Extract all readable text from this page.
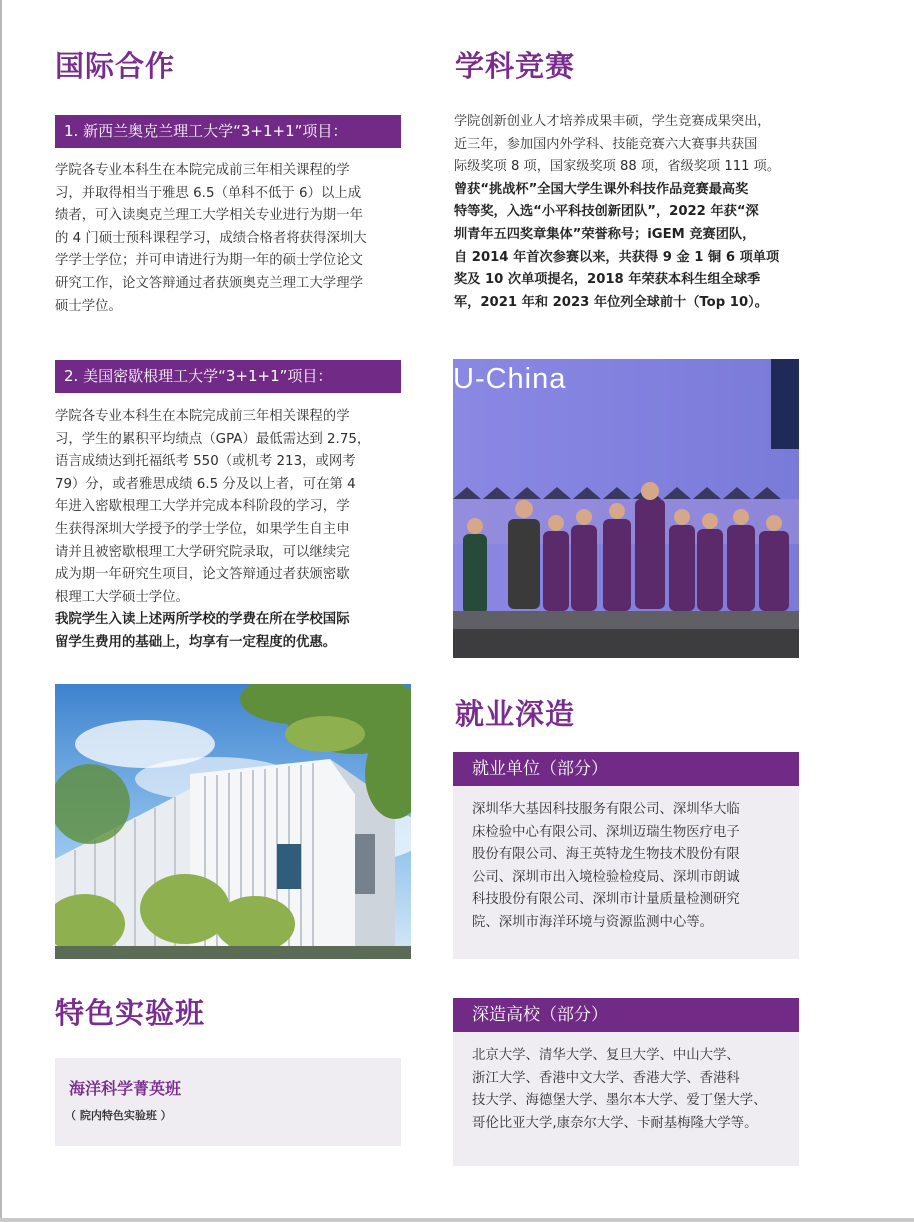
国际合作
1. 新西兰奥克兰理工大学“3+1+1”项目：
学院各专业本科生在本院完成前三年相关课程的学
习，并取得相当于雅思 6.5（单科不低于 6）以上成
绩者，可入读奥克兰理工大学相关专业进行为期一年
的 4 门硕士预科课程学习，成绩合格者将获得深圳大
学学士学位；并可申请进行为期一年的硕士学位论文
研究工作，论文答辩通过者获颁奥克兰理工大学理学
硕士学位。
2. 美国密歇根理工大学“3+1+1”项目：
学院各专业本科生在本院完成前三年相关课程的学
习，学生的累积平均绩点（GPA）最低需达到 2.75，
语言成绩达到托福纸考 550（或机考 213，或网考
79）分，或者雅思成绩 6.5 分及以上者，可在第 4
年进入密歇根理工大学并完成本科阶段的学习，学
生获得深圳大学授予的学士学位，如果学生自主申
请并且被密歇根理工大学研究院录取，可以继续完
成为期一年研究生项目，论文答辩通过者获颁密歇
根理工大学硕士学位。
我院学生入读上述两所学校的学费在所在学校国际
留学生费用的基础上，均享有一定程度的优惠。
特色实验班
海洋科学菁英班
（ 院内特色实验班 ）
学科竞赛
学院创新创业人才培养成果丰硕，学生竞赛成果突出，
近三年，参加国内外学科、技能竞赛六大赛事共获国
际级奖项 8 项，国家级奖项 88 项，省级奖项 111 项。
曾获“挑战杯”全国大学生课外科技作品竞赛最高奖
特等奖，入选“小平科技创新团队”，2022 年获“深
圳青年五四奖章集体”荣誉称号；iGEM 竞赛团队，
自 2014 年首次参赛以来，共获得 9 金 1 铜 6 项单项
奖及 10 次单项提名，2018 年荣获本科生组全球季
军，2021 年和 2023 年位列全球前十（Top 10）。
U-China
就业深造
就业单位（部分）
深圳华大基因科技服务有限公司、深圳华大临
床检验中心有限公司、深圳迈瑞生物医疗电子
股份有限公司、海王英特龙生物技术股份有限
公司、深圳市出入境检验检疫局、深圳市朗诚
科技股份有限公司、深圳市计量质量检测研究
院、深圳市海洋环境与资源监测中心等。
深造高校（部分）
北京大学、清华大学、复旦大学、中山大学、
浙江大学、香港中文大学、香港大学、香港科
技大学、海德堡大学、墨尔本大学、爱丁堡大学、
哥伦比亚大学,康奈尔大学、卡耐基梅隆大学等。
